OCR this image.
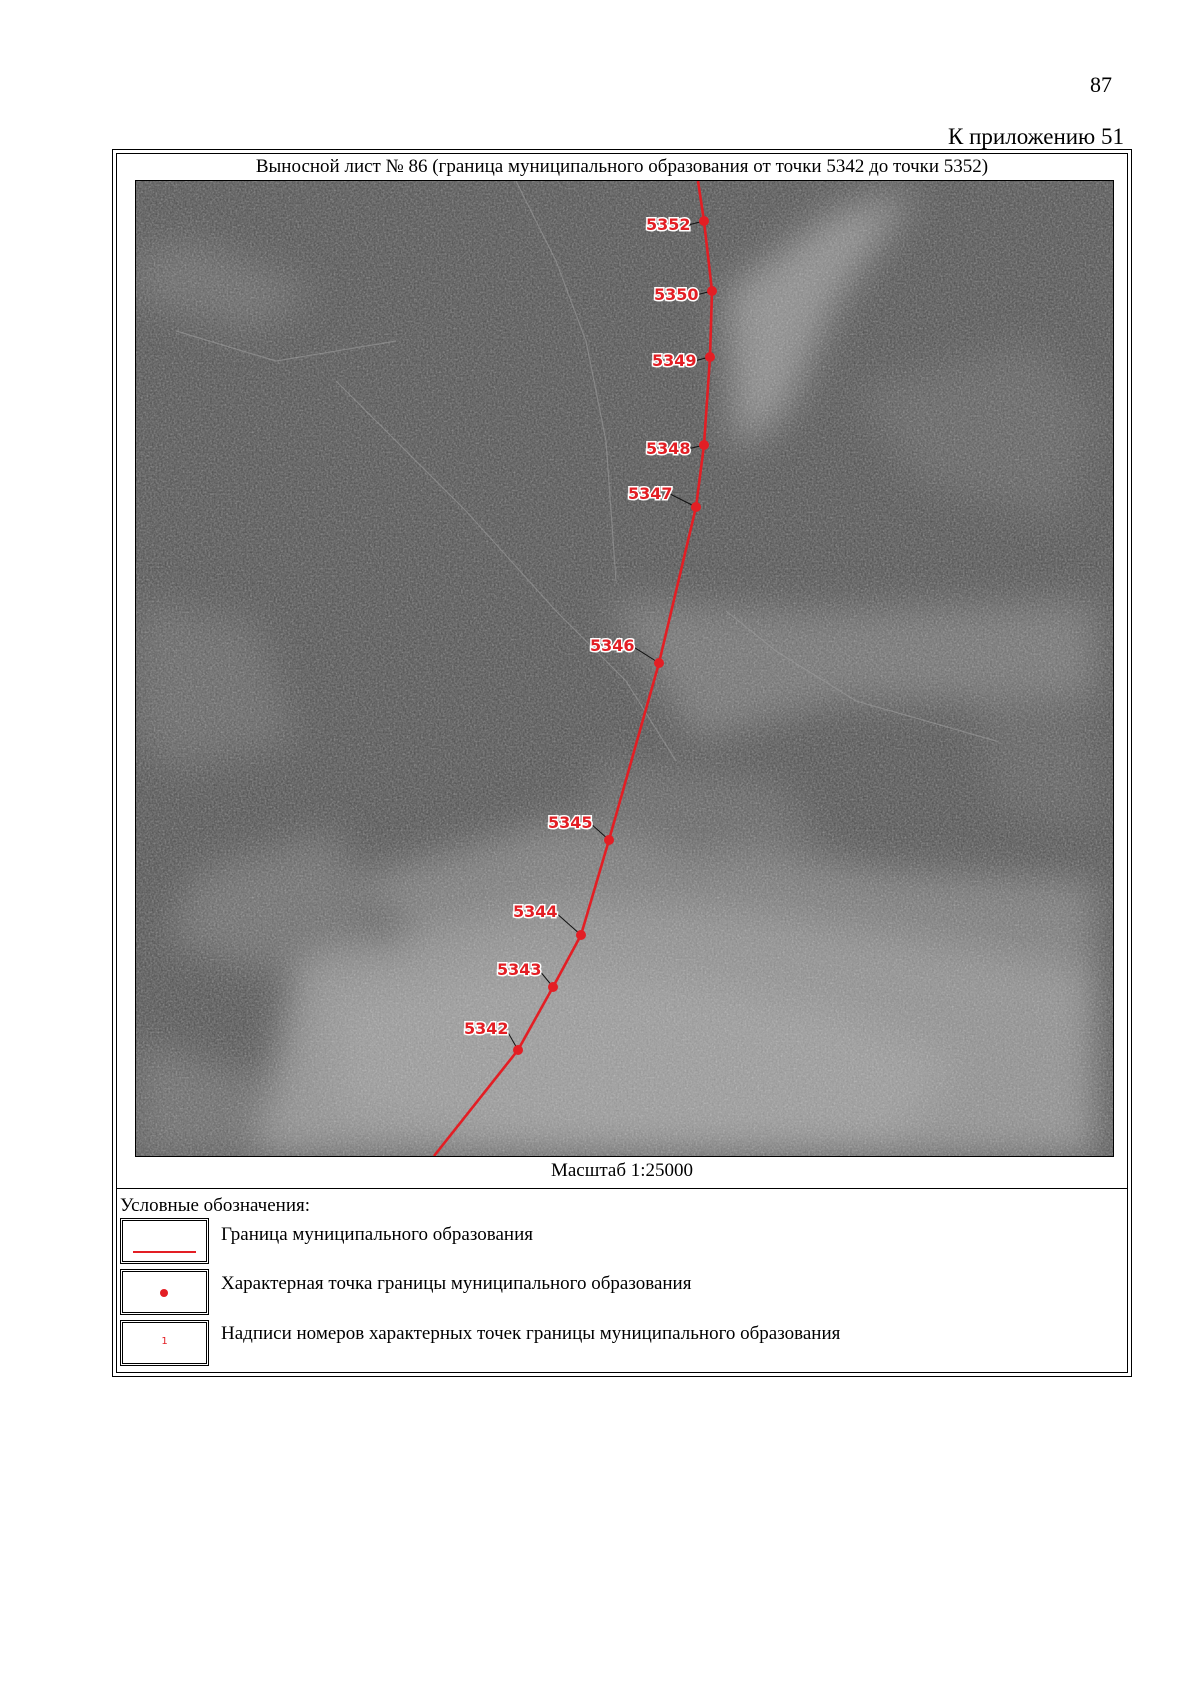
87
К приложению 51
Выносной лист № 86 (граница муниципального образования от точки 5342 до точки 5352)
5352
5350
5349
5348
5347
5346
5345
5344
5343
5342
Масштаб 1:25000
Условные обозначения:
Граница муниципального образования
Характерная точка границы муниципального образования
1	Надписи номеров характерных точек границы муниципального образования
